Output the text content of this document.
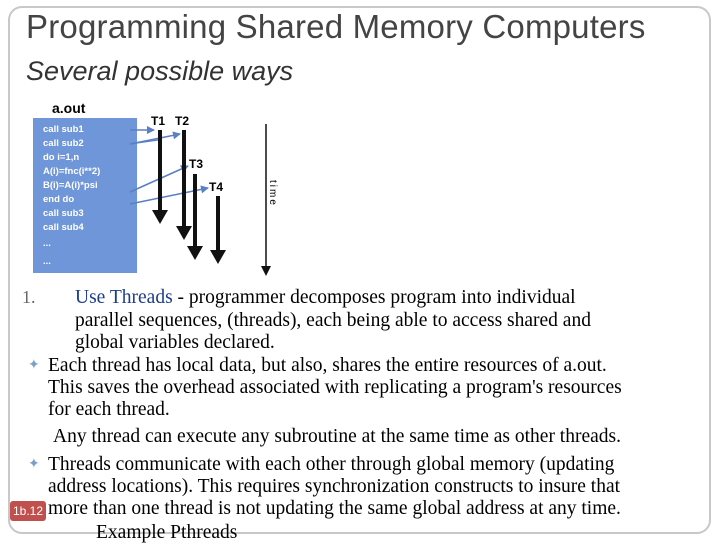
Programming Shared Memory Computers
Several possible ways
a.out
call sub1
call sub2
do i=1,n
A(i)=fnc(i**2)
B(i)=A(i)*psi
end do
call sub3
call sub4
...
...
T1 T2
T3
T4	time
1. Use Threads - programmer decomposes program into individual
parallel sequences, (threads), each being able to access shared and
global variables declared.
✦ Each thread has local data, but also, shares the entire resources of a.out.
This saves the overhead associated with replicating a program's resources
for each thread.
Any thread can execute any subroutine at the same time as other threads.
✦ Threads communicate with each other through global memory (updating
address locations). This requires synchronization constructs to insure that
more than one thread is not updating the same global address at any time.
Example Pthreads
1b.12
